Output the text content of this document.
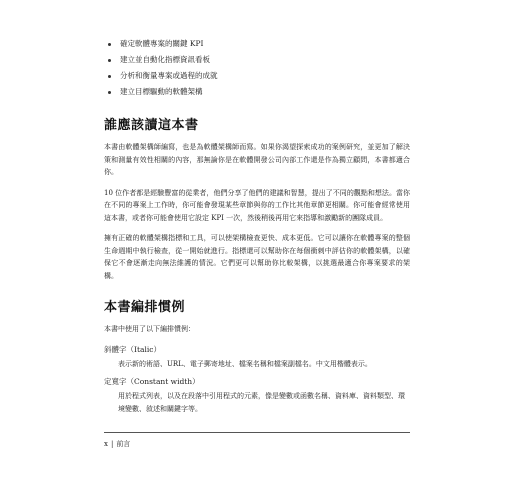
確定軟體專案的關鍵 KPI
建立並自動化指標資訊看板
分析和衡量專案或過程的成就
建立目標驅動的軟體架構
誰應該讀這本書

本書由軟體架構師編寫，也是為軟體架構師而寫。如果你渴望探索成功的案例研究，並更加了解決策和測量有效性相關的內容，那無論你是在軟體開發公司內部工作還是作為獨立顧問，本書都適合你。

10 位作者都是經驗豐富的從業者，他們分享了他們的建議和智慧，提出了不同的觀點和想法。當你在不同的專案上工作時，你可能會發現某些章節與你的工作比其他章節更相關。你可能會經常使用這本書，或者你可能會使用它設定 KPI 一次，然後稍後再用它來指導和激勵新的團隊成員。

擁有正確的軟體架構指標和工具，可以使架構檢查更快、成本更低。它可以讓你在軟體專案的整個生命週期中執行檢查，從一開始就進行。指標還可以幫助你在每個衝刺中評估你的軟體架構，以確保它不會逐漸走向無法維護的情況。它們更可以幫助你比較架構，以挑選最適合你專案要求的架構。

本書編排慣例

本書中使用了以下編排慣例：

斜體字（Italic）
表示新的術語、URL、電子郵寄地址、檔案名稱和檔案副檔名。中文用楷體表示。
定寬字（Constant width）
用於程式列表，以及在段落中引用程式的元素，像是變數或函數名稱、資料庫、資料類型、環境變數、敘述和關鍵字等。
x | 前言
